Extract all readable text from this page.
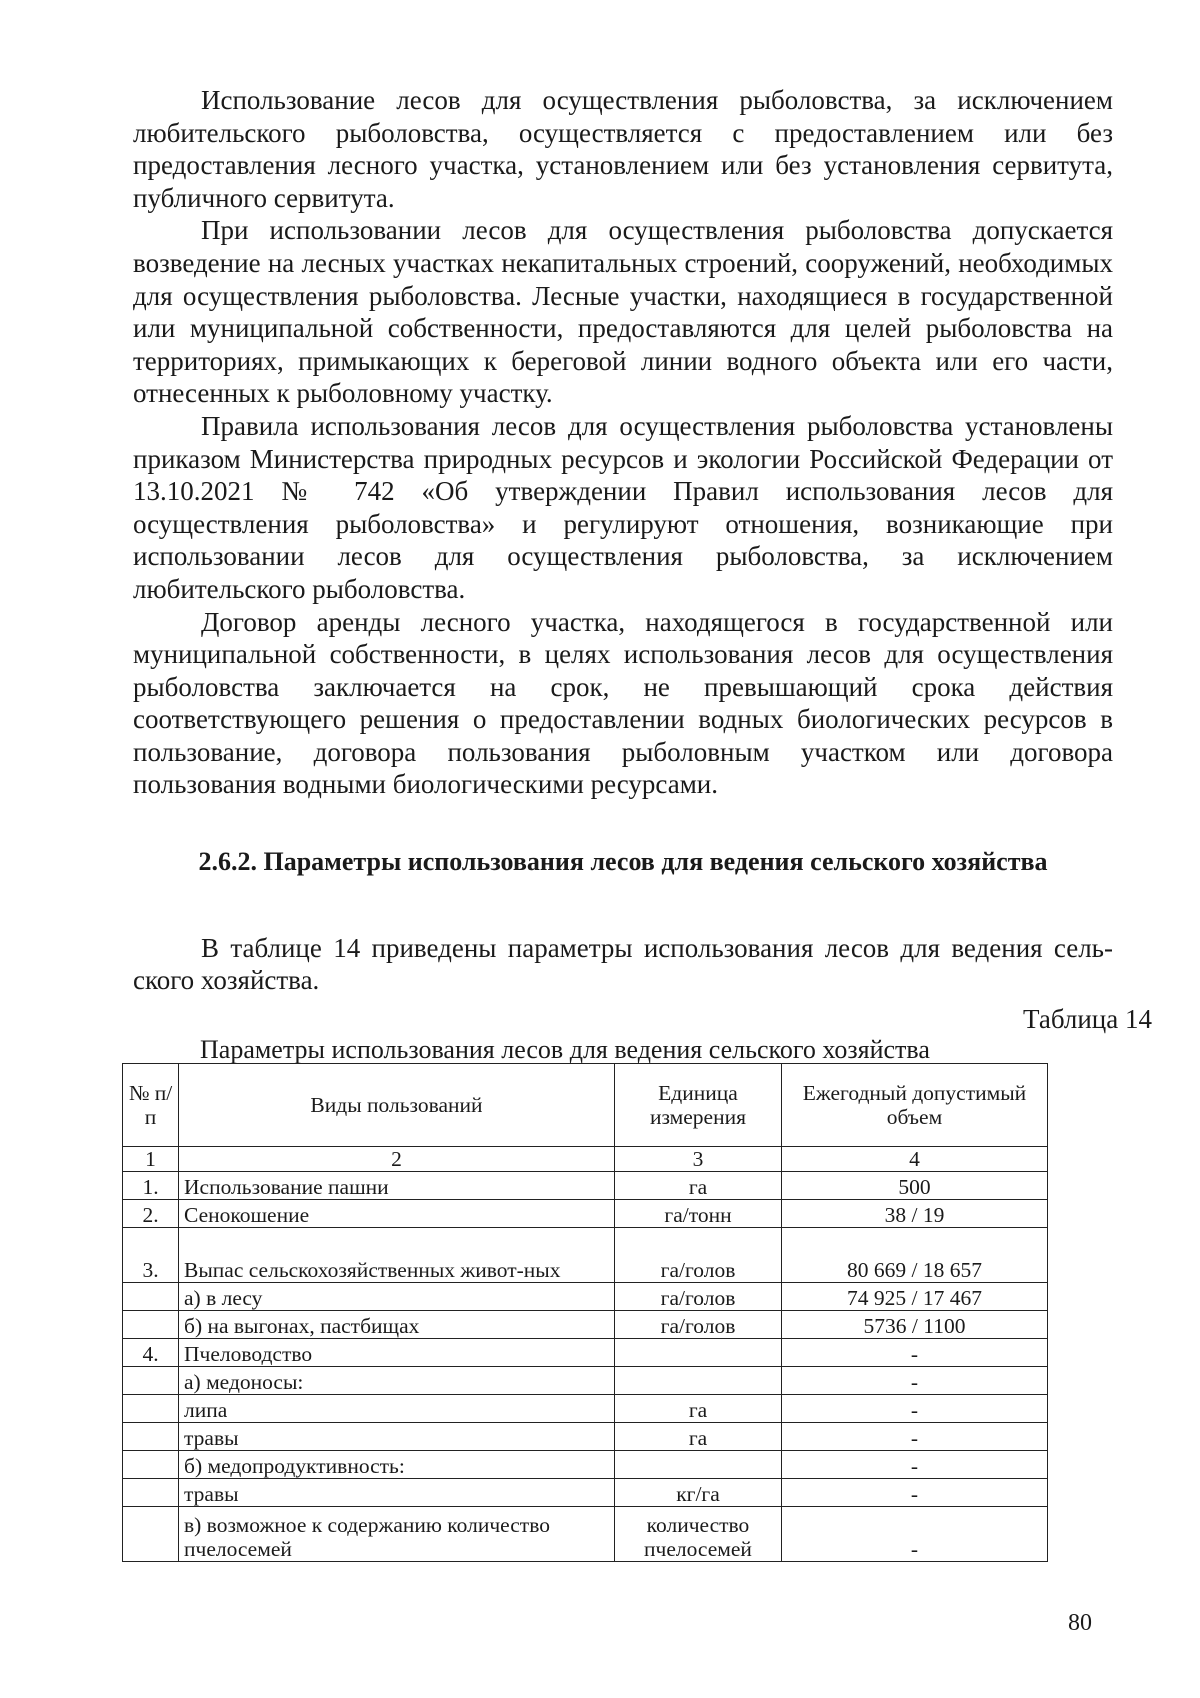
Использование лесов для осуществления рыболовства, за исключением любительского рыболовства, осуществляется с предоставлением или без предоставления лесного участка, установлением или без установления сервитута, публичного сервитута.

При использовании лесов для осуществления рыболовства допускается возведение на лесных участках некапитальных строений, сооружений, необходимых для осуществления рыболовства. Лесные участки, находящиеся в государственной или муниципальной собственности, предоставляются для целей рыболовства на территориях, примыкающих к береговой линии водного объекта или его части, отнесенных к рыболовному участку.

Правила использования лесов для осуществления рыболовства установлены приказом Министерства природных ресурсов и экологии Российской Федерации от 13.10.2021 № 742 «Об утверждении Правил использования лесов для осуществления рыболовства» и регулируют отношения, возникающие при использовании лесов для осуществления рыболовства, за исключением любительского рыболовства.

Договор аренды лесного участка, находящегося в государственной или муниципальной собственности, в целях использования лесов для осуществления рыболовства заключается на срок, не превышающий срока действия соответствующего решения о предоставлении водных биологических ресурсов в пользование, договора пользования рыболовным участком или договора пользования водными биологическими ресурсами.

2.6.2. Параметры использования лесов для ведения сельского хозяйства

В таблице 14 приведены параметры использования лесов для ведения сель-ского хозяйства.

Таблица 14
Параметры использования лесов для ведения сельского хозяйства
№ п/п	Виды пользований	Единица измерения	Ежегодный допустимый объем
1	2	3	4
1.	Использование пашни	га	500
2.	Сенокошение	га/тонн	38 / 19
3.	Выпас сельскохозяйственных живот-ных	га/голов	80 669 / 18 657
	а) в лесу	га/голов	74 925 / 17 467
	б) на выгонах, пастбищах	га/голов	5736 / 1100
4.	Пчеловодство		-
	а) медоносы:		-
	липа	га	-
	травы	га	-
	б) медопродуктивность:		-
	травы	кг/га	-
	в) возможное к содержанию количество пчелосемей	количество пчелосемей	-
80
